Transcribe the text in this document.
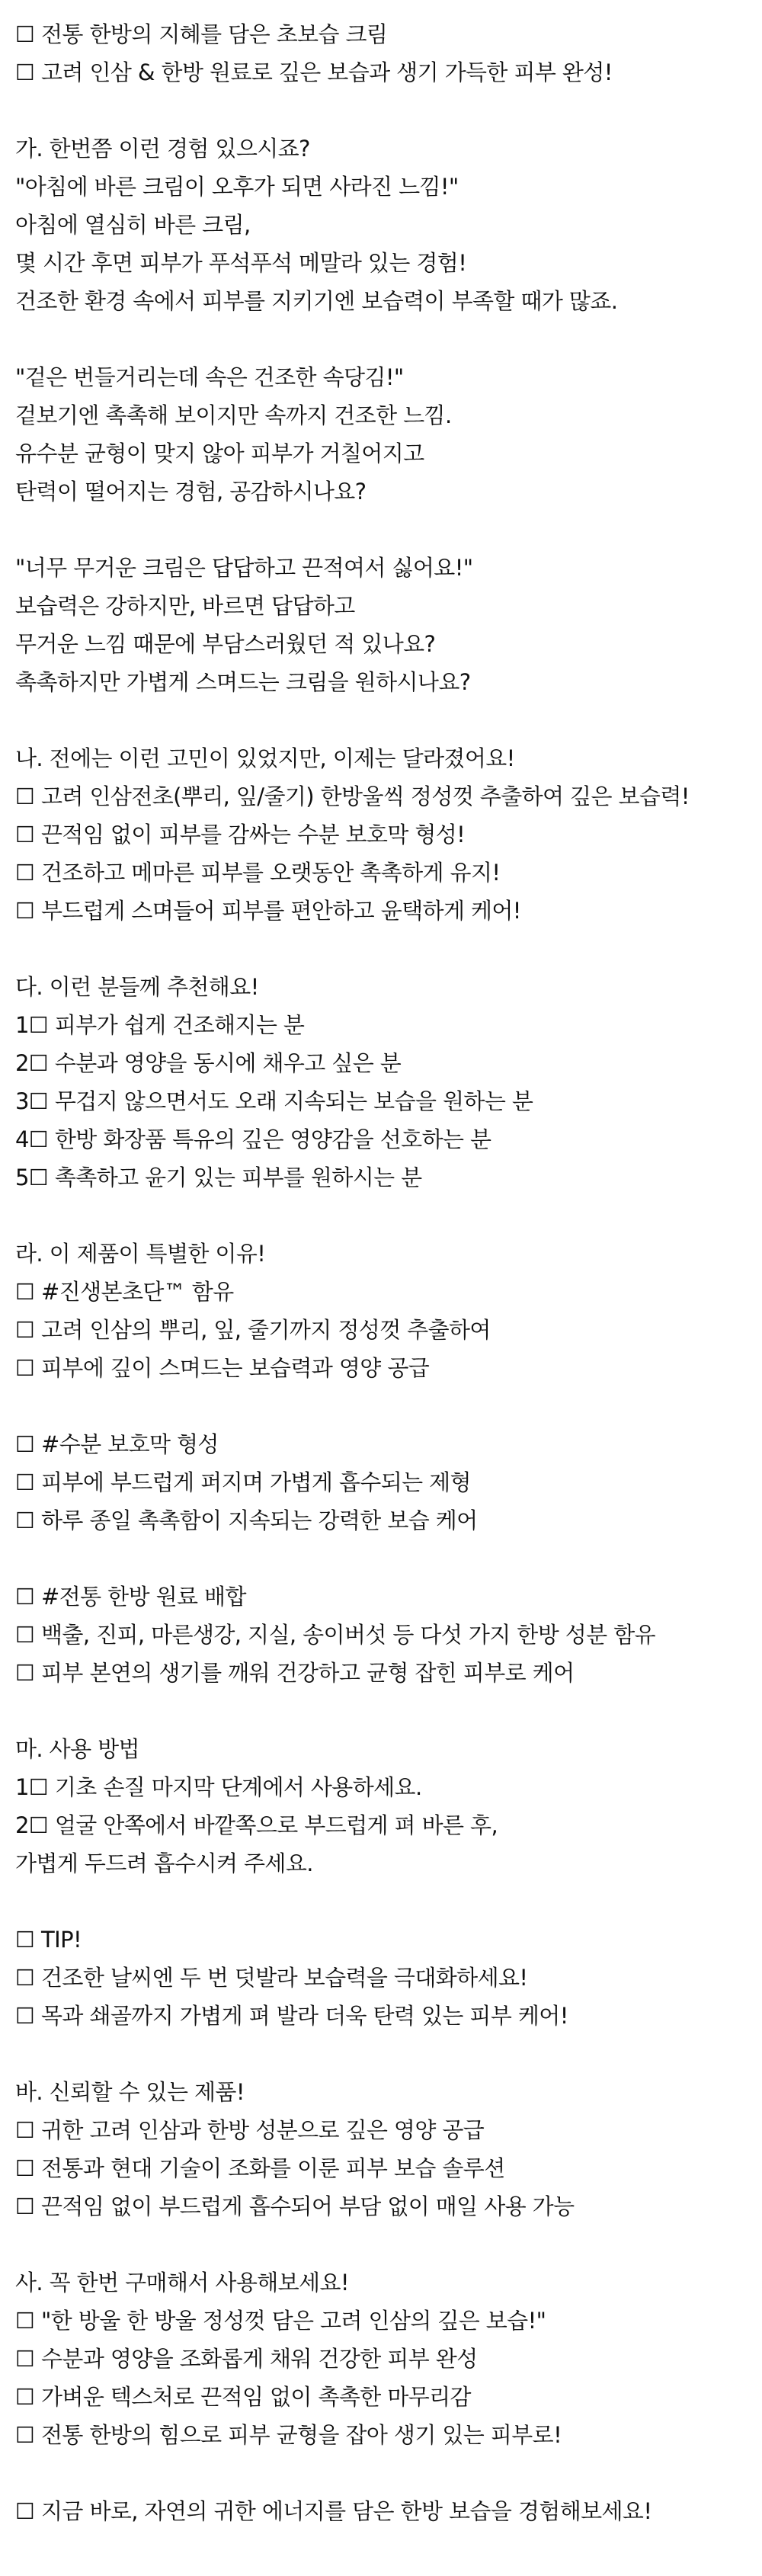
☐ 전통 한방의 지혜를 담은 초보습 크림
☐ 고려 인삼 & 한방 원료로 깊은 보습과 생기 가득한 피부 완성!
가. 한번쯤 이런 경험 있으시죠?
"아침에 바른 크림이 오후가 되면 사라진 느낌!"
아침에 열심히 바른 크림,
몇 시간 후면 피부가 푸석푸석 메말라 있는 경험!
건조한 환경 속에서 피부를 지키기엔 보습력이 부족할 때가 많죠.
"겉은 번들거리는데 속은 건조한 속당김!"
겉보기엔 촉촉해 보이지만 속까지 건조한 느낌.
유수분 균형이 맞지 않아 피부가 거칠어지고
탄력이 떨어지는 경험, 공감하시나요?
"너무 무거운 크림은 답답하고 끈적여서 싫어요!"
보습력은 강하지만, 바르면 답답하고
무거운 느낌 때문에 부담스러웠던 적 있나요?
촉촉하지만 가볍게 스며드는 크림을 원하시나요?
나. 전에는 이런 고민이 있었지만, 이제는 달라졌어요!
☐ 고려 인삼전초(뿌리, 잎/줄기) 한방울씩 정성껏 추출하여 깊은 보습력!
☐ 끈적임 없이 피부를 감싸는 수분 보호막 형성!
☐ 건조하고 메마른 피부를 오랫동안 촉촉하게 유지!
☐ 부드럽게 스며들어 피부를 편안하고 윤택하게 케어!
다. 이런 분들께 추천해요!
1☐ 피부가 쉽게 건조해지는 분
2☐ 수분과 영양을 동시에 채우고 싶은 분
3☐ 무겁지 않으면서도 오래 지속되는 보습을 원하는 분
4☐ 한방 화장품 특유의 깊은 영양감을 선호하는 분
5☐ 촉촉하고 윤기 있는 피부를 원하시는 분
라. 이 제품이 특별한 이유!
☐ #진생본초단™ 함유
☐ 고려 인삼의 뿌리, 잎, 줄기까지 정성껏 추출하여
☐ 피부에 깊이 스며드는 보습력과 영양 공급
☐ #수분 보호막 형성
☐ 피부에 부드럽게 퍼지며 가볍게 흡수되는 제형
☐ 하루 종일 촉촉함이 지속되는 강력한 보습 케어
☐ #전통 한방 원료 배합
☐ 백출, 진피, 마른생강, 지실, 송이버섯 등 다섯 가지 한방 성분 함유
☐ 피부 본연의 생기를 깨워 건강하고 균형 잡힌 피부로 케어
마. 사용 방법
1☐ 기초 손질 마지막 단계에서 사용하세요.
2☐ 얼굴 안쪽에서 바깥쪽으로 부드럽게 펴 바른 후,
가볍게 두드려 흡수시켜 주세요.
☐ TIP!
☐ 건조한 날씨엔 두 번 덧발라 보습력을 극대화하세요!
☐ 목과 쇄골까지 가볍게 펴 발라 더욱 탄력 있는 피부 케어!
바. 신뢰할 수 있는 제품!
☐ 귀한 고려 인삼과 한방 성분으로 깊은 영양 공급
☐ 전통과 현대 기술이 조화를 이룬 피부 보습 솔루션
☐ 끈적임 없이 부드럽게 흡수되어 부담 없이 매일 사용 가능
사. 꼭 한번 구매해서 사용해보세요!
☐ "한 방울 한 방울 정성껏 담은 고려 인삼의 깊은 보습!"
☐ 수분과 영양을 조화롭게 채워 건강한 피부 완성
☐ 가벼운 텍스처로 끈적임 없이 촉촉한 마무리감
☐ 전통 한방의 힘으로 피부 균형을 잡아 생기 있는 피부로!
☐ 지금 바로, 자연의 귀한 에너지를 담은 한방 보습을 경험해보세요!
